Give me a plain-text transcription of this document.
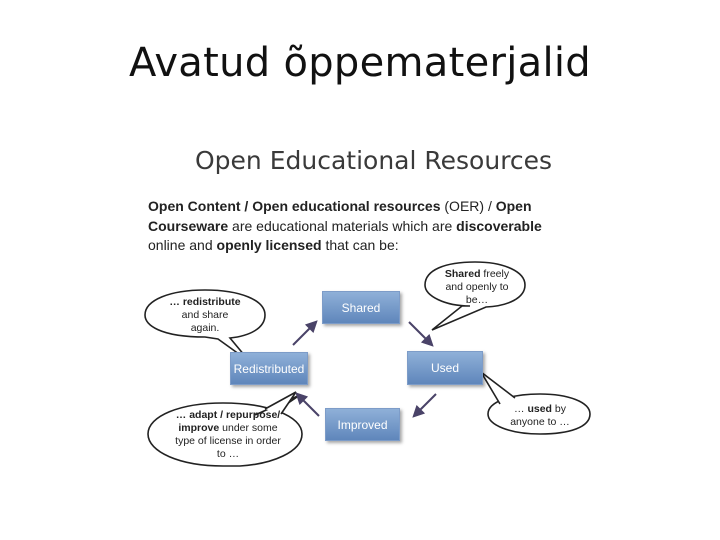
Avatud õppematerjalid
Open Educational Resources
Open Content / Open educational resources (OER) / Open Courseware are educational materials which are discoverable online and openly licensed that can be:
Shared
Used
Redistributed
Improved
… redistribute
and share
again.
Shared freely
and openly to
be…
… adapt / repurpose/
improve under some
type of license in order
to …
… used by
anyone to …
